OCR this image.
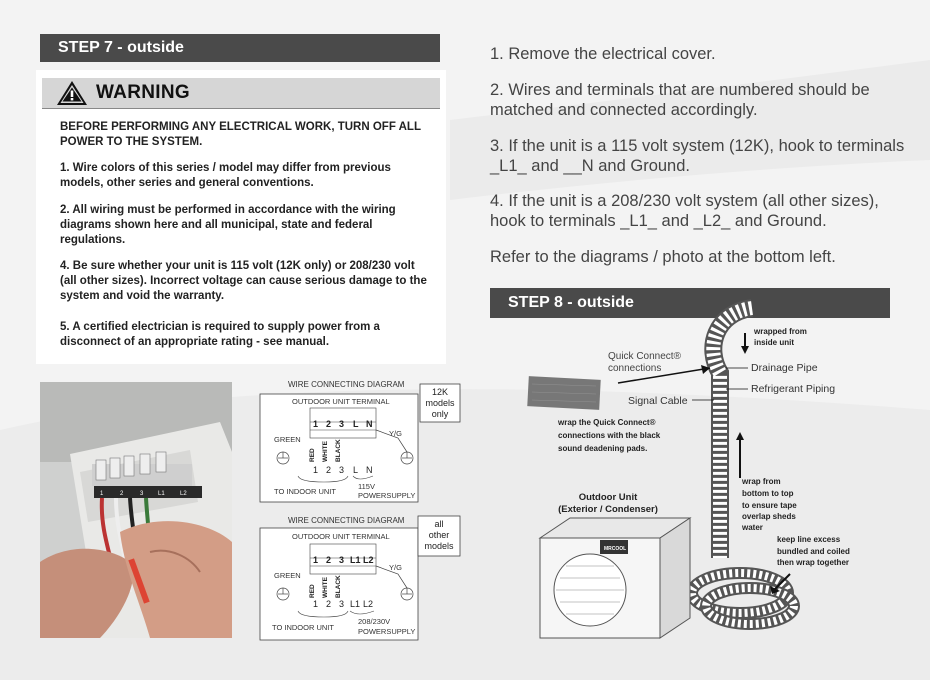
STEP 7 - outside
WARNING

BEFORE PERFORMING ANY ELECTRICAL WORK, TURN OFF ALL POWER TO THE SYSTEM.

1. Wire colors of this series / model may differ from previous models, other series and general conventions.

2. All wiring must be performed in accordance with the wiring diagrams shown here and all municipal, state and federal regulations.

4. Be sure whether your unit is 115 volt (12K only) or 208/230 volt (all other sizes). Incorrect voltage can cause serious damage to the system and void the warranty.

5. A certified electrician is required to supply power from a disconnect of an appropriate rating - see manual.

1. Remove the electrical cover.

2. Wires and terminals that are numbered should be matched and connected accordingly.

3. If the unit is a 115 volt system (12K), hook to terminals _L1_ and __N and Ground.

4. If the unit is a 208/230 volt system (all other sizes), hook to terminals _L1_ and _L2_ and Ground.

Refer to the diagrams / photo at the bottom left.

STEP 8 - outside
1	2	3 L1	L2
WIRE CONNECTING DIAGRAM
OUTDOOR UNIT TERMINAL
1 2 3 L N
GREEN
Y/G
RED WHITE BLACK
1 2 3 L N
TO INDOOR UNIT
115V
POWERSUPPLY
12K
models
only
WIRE CONNECTING DIAGRAM
OUTDOOR UNIT TERMINAL
1 2 3 L1 L2
GREEN
Y/G
RED WHITE BLACK
1 2 3 L1 L2
TO INDOOR UNIT
208/230V
POWERSUPPLY
all
other
models	MRCOOL
Quick Connect®
connections
wrapped from
inside unit
Drainage Pipe
Refrigerant Piping
Signal Cable
wrap the Quick Connect®
connections with the black
sound deadening pads.
Outdoor Unit
(Exterior / Condenser)
wrap from
bottom to top
to ensure tape
overlap sheds
water
keep line excess
bundled and coiled
then wrap together
